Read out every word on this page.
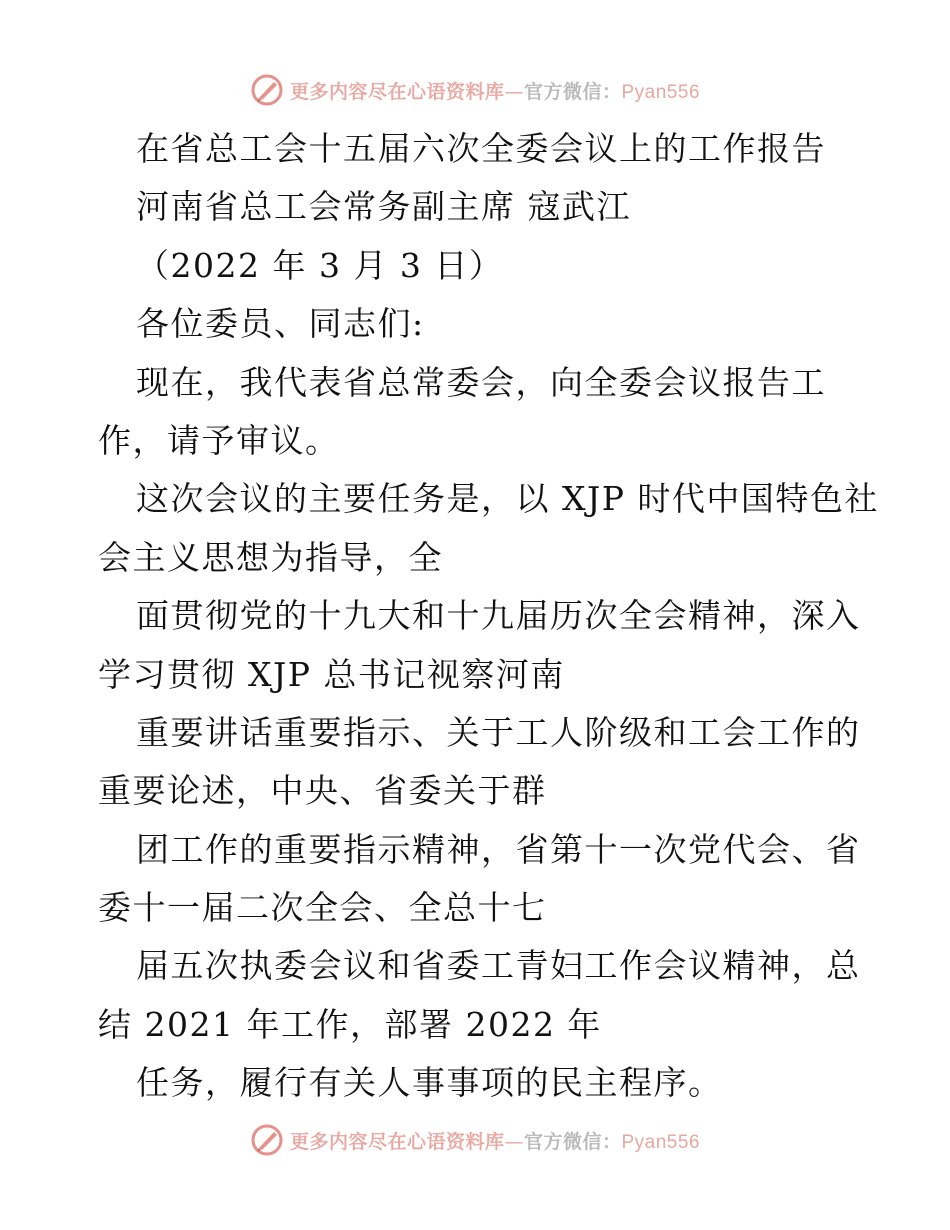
更多内容尽在心语资料库—官方微信：Pyan556
在省总工会十五届六次全委会议上的工作报告
河南省总工会常务副主席 寇武江
（2022 年 3 月 3 日）
各位委员、同志们:
现在，我代表省总常委会，向全委会议报告工
作，请予审议。
这次会议的主要任务是，以 XJP 时代中国特色社
会主义思想为指导，全
面贯彻党的十九大和十九届历次全会精神，深入
学习贯彻 XJP 总书记视察河南
重要讲话重要指示、关于工人阶级和工会工作的
重要论述，中央、省委关于群
团工作的重要指示精神，省第十一次党代会、省
委十一届二次全会、全总十七
届五次执委会议和省委工青妇工作会议精神，总
结 2021 年工作，部署 2022 年
任务，履行有关人事事项的民主程序。
更多内容尽在心语资料库—官方微信：Pyan556
